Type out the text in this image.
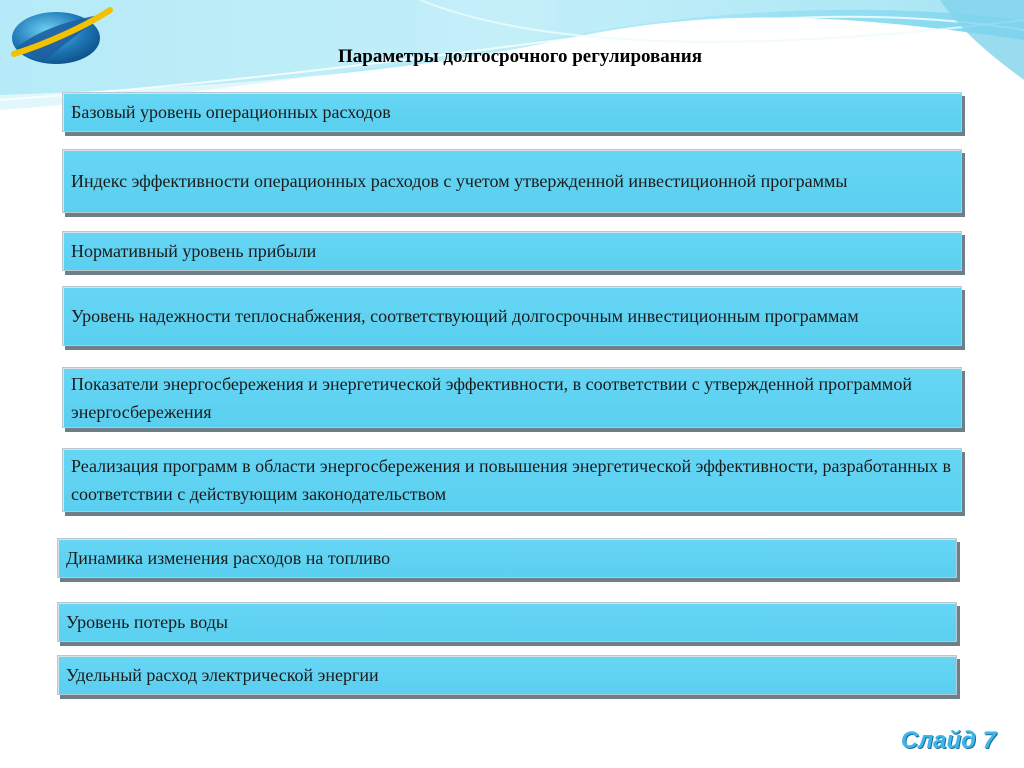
Параметры долгосрочного регулирования
Базовый уровень операционных расходов
Индекс эффективности операционных расходов с учетом утвержденной инвестиционной программы
Нормативный уровень прибыли
Уровень надежности теплоснабжения, соответствующий долгосрочным инвестиционным программам
Показатели энергосбережения и энергетической эффективности, в соответствии с утвержденной программой энергосбережения
Реализация программ в области энергосбережения и повышения энергетической эффективности, разработанных в соответствии с действующим законодательством
Динамика изменения расходов на топливо
Уровень потерь воды
Удельный расход электрической энергии
Слайд 7
